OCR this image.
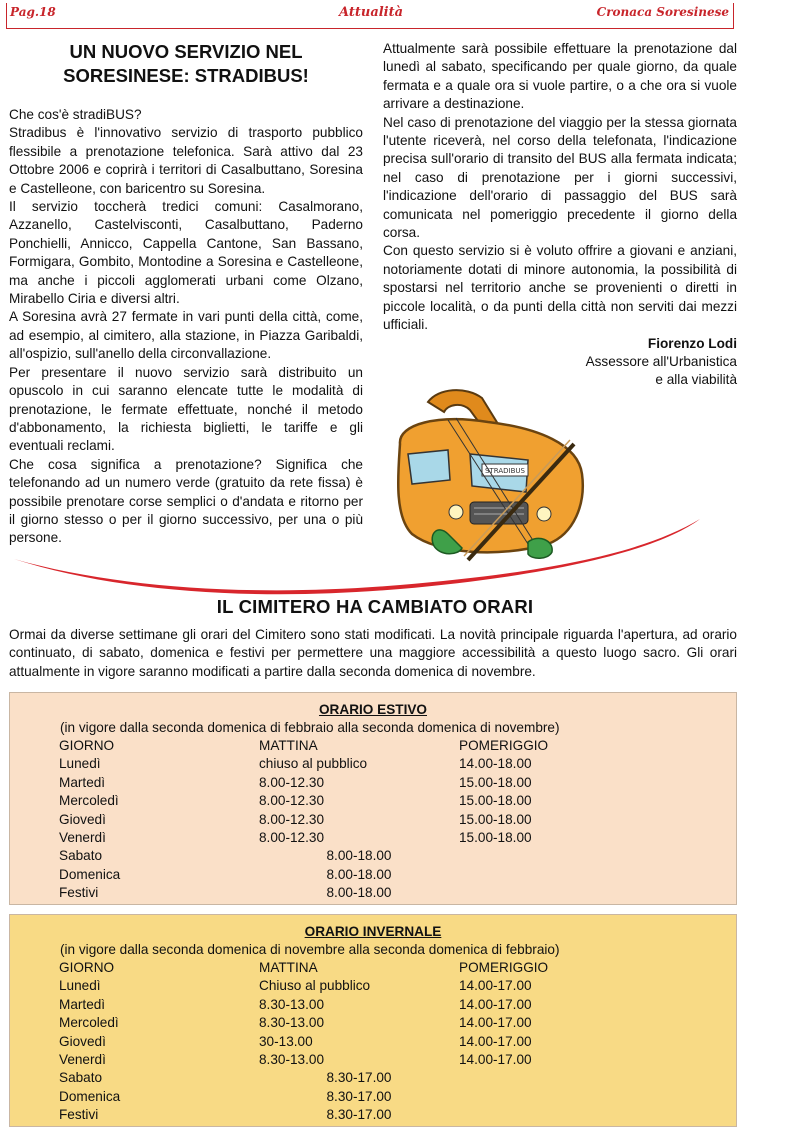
Pag.18	Attualità	Cronaca Soresinese
UN NUOVO SERVIZIO NEL
SORESINESE: STRADIBUS!

Che cos'è stradiBUS?

Stradibus è l'innovativo servizio di trasporto pubblico flessibile a prenotazione telefonica. Sarà attivo dal 23 Ottobre 2006 e coprirà i territori di Casalbuttano, Soresina e Castelleone, con baricentro su Soresina.

Il servizio toccherà tredici comuni: Casalmorano, Azzanello, Castelvisconti, Casalbuttano, Paderno Ponchielli, Annicco, Cappella Cantone, San Bassano, Formigara, Gombito, Montodine a Soresina e Castelleone, ma anche i piccoli agglomerati urbani come Olzano, Mirabello Ciria e diversi altri.

A Soresina avrà 27 fermate in vari punti della città, come, ad esempio, al cimitero, alla stazione, in Piazza Garibaldi, all'ospizio, sull'anello della circonvallazione.

Per presentare il nuovo servizio sarà distribuito un opuscolo in cui saranno elencate tutte le modalità di prenotazione, le fermate effettuate, nonché il metodo d'abbonamento, la richiesta biglietti, le tariffe e gli eventuali reclami.

Che cosa significa a prenotazione? Significa che telefonando ad un numero verde (gratuito da rete fissa) è possibile prenotare corse semplici o d'andata e ritorno per il giorno stesso o per il giorno successivo, per una o più persone.

Attualmente sarà possibile effettuare la prenotazione dal lunedì al sabato, specificando per quale giorno, da quale fermata e a quale ora si vuole partire, o a che ora si vuole arrivare a destinazione.

Nel caso di prenotazione del viaggio per la stessa giornata l'utente riceverà, nel corso della telefonata, l'indicazione precisa sull'orario di transito del BUS alla fermata indicata; nel caso di prenotazione per i giorni successivi, l'indicazione dell'orario di passaggio del BUS sarà comunicata nel pomeriggio precedente il giorno della corsa.

Con questo servizio si è voluto offrire a giovani e anziani, notoriamente dotati di minore autonomia, la possibilità di spostarsi nel territorio anche se provenienti o diretti in piccole località, o da punti della città non serviti dai mezzi ufficiali.

Fiorenzo Lodi
Assessore all'Urbanistica
e alla viabilità
STRADIBUS
IL CIMITERO HA CAMBIATO ORARI
Ormai da diverse settimane gli orari del Cimitero sono stati modificati. La novità principale riguarda l'apertura, ad orario continuato, di sabato, domenica e festivi per permettere una maggiore accessibilità a questo luogo sacro. Gli orari attualmente in vigore saranno modificati a partire dalla seconda domenica di novembre.
ORARIO ESTIVO
(in vigore dalla seconda domenica di febbraio alla seconda domenica di novembre)
GIORNO	MATTINA	POMERIGGIO
Lunedì	chiuso al pubblico	14.00-18.00
Martedì	8.00-12.30	15.00-18.00
Mercoledì	8.00-12.30	15.00-18.00
Giovedì	8.00-12.30	15.00-18.00
Venerdì	8.00-12.30	15.00-18.00
Sabato	8.00-18.00	
Domenica	8.00-18.00	
Festivi	8.00-18.00	
ORARIO INVERNALE
(in vigore dalla seconda domenica di novembre alla seconda domenica di febbraio)
GIORNO	MATTINA	POMERIGGIO
Lunedì	Chiuso al pubblico	14.00-17.00
Martedì	8.30-13.00	14.00-17.00
Mercoledì	8.30-13.00	14.00-17.00
Giovedì	30-13.00	14.00-17.00
Venerdì	8.30-13.00	14.00-17.00
Sabato	8.30-17.00	
Domenica	8.30-17.00	
Festivi	8.30-17.00	
